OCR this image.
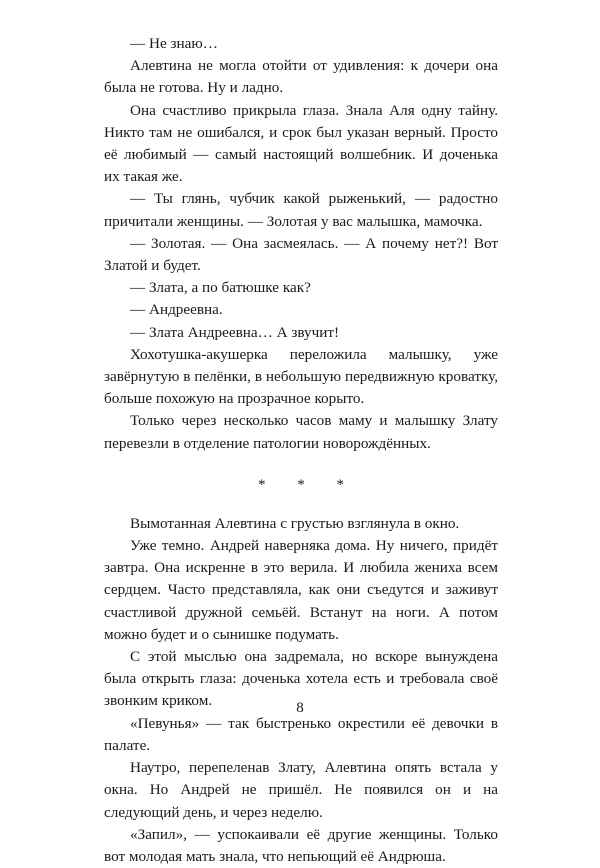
— Не знаю…

Алевтина не могла отойти от удивления: к дочери она была не готова. Ну и ладно.

Она счастливо прикрыла глаза. Знала Аля одну тайну. Никто там не ошибался, и срок был указан верный. Просто её любимый — самый настоящий волшебник. И доченька их такая же.

— Ты глянь, чубчик какой рыженький, — радостно причитали женщины. — Золотая у вас малышка, мамочка.

— Золотая. — Она засмеялась. — А почему нет?! Вот Златой и будет.

— Злата, а по батюшке как?

— Андреевна.

— Злата Андреевна… А звучит!

Хохотушка-акушерка переложила малышку, уже завёрнутую в пелёнки, в небольшую передвижную кроватку, больше похожую на прозрачное корыто.

Только через несколько часов маму и малышку Злату перевезли в отделение патологии новорождённых.

* * *

Вымотанная Алевтина с грустью взглянула в окно.

Уже темно. Андрей наверняка дома. Ну ничего, придёт завтра. Она искренне в это верила. И любила жениха всем сердцем. Часто представляла, как они съедутся и заживут счастливой дружной семьёй. Встанут на ноги. А потом можно будет и о сынишке подумать.

С этой мыслью она задремала, но вскоре вынуждена была открыть глаза: доченька хотела есть и требовала своё звонким криком.

«Певунья» — так быстренько окрестили её девочки в палате.

Наутро, перепеленав Злату, Алевтина опять встала у окна. Но Андрей не пришёл. Не появился он и на следующий день, и через неделю.

«Запил», — успокаивали её другие женщины. Только вот молодая мать знала, что непьющий её Андрюша.

8
